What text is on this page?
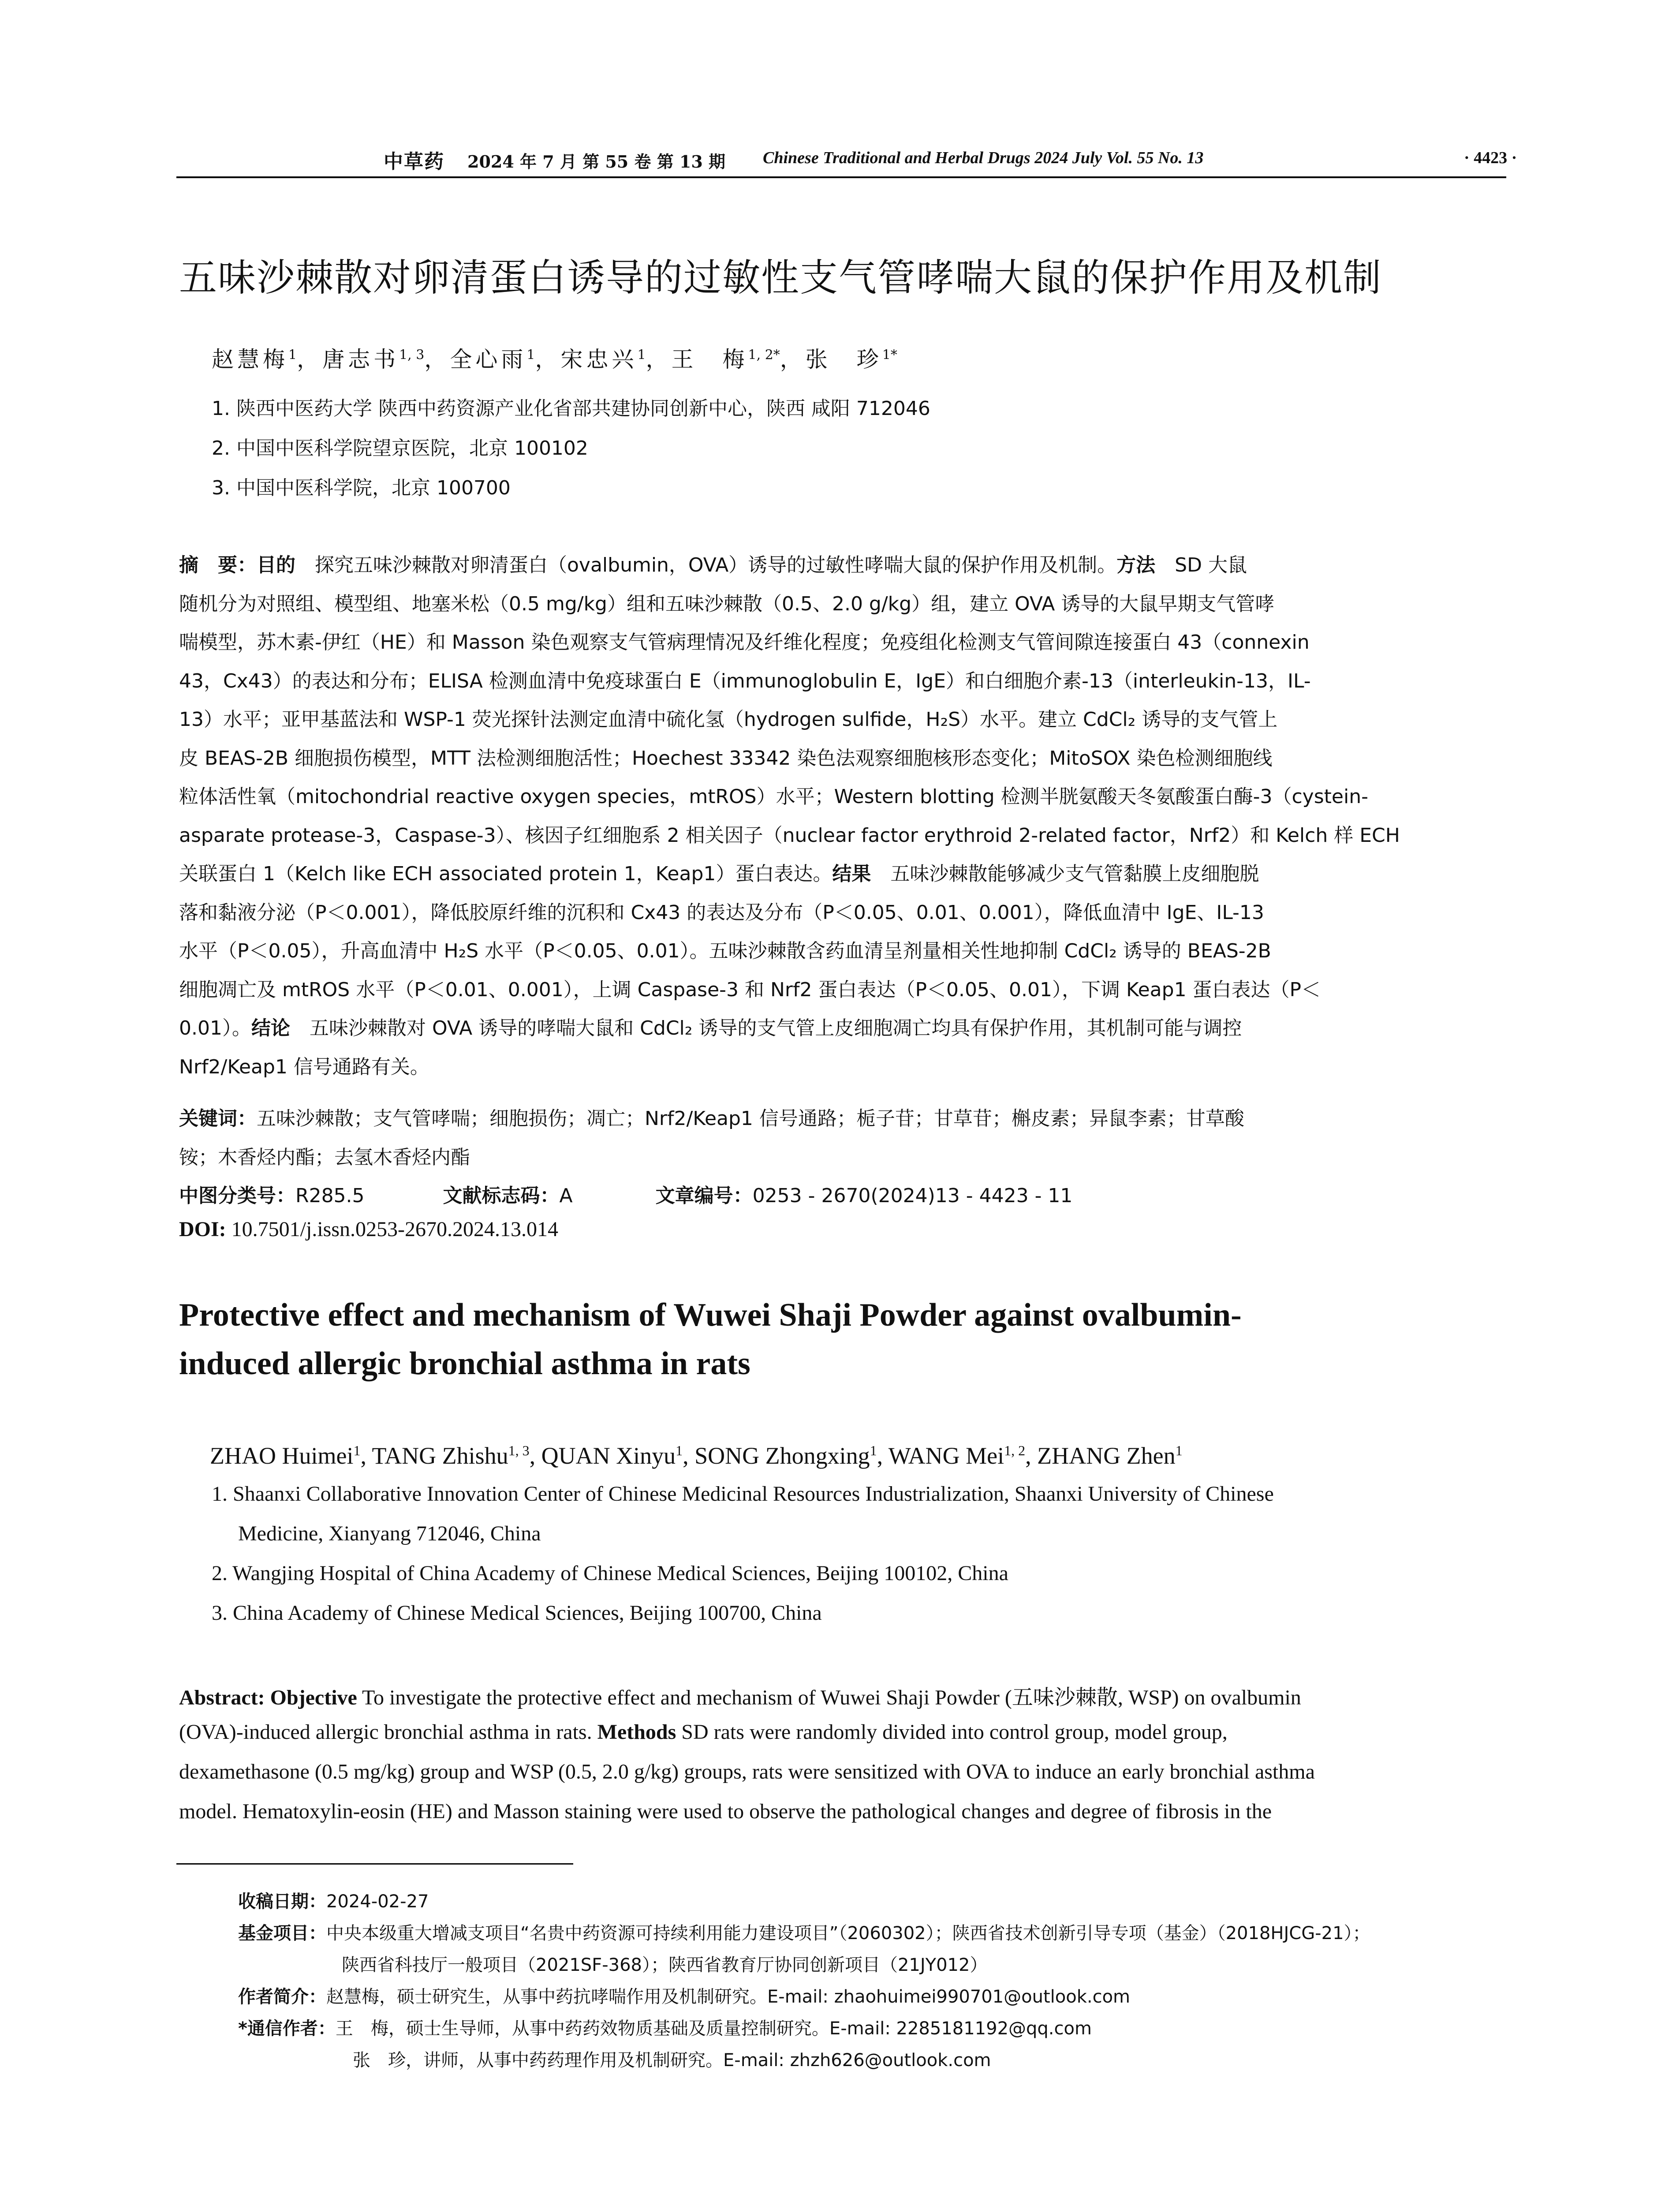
中草药 2024 年 7 月 第 55 卷 第 13 期 Chinese Traditional and Herbal Drugs 2024 July Vol. 55 No. 13	· 4423 ·
五味沙棘散对卵清蛋白诱导的过敏性支气管哮喘大鼠的保护作用及机制
赵慧梅$^1$，唐志书$^{1, 3}$，全心雨$^1$，宋忠兴$^1$，王　梅$^{1, 2*}$，张　珍$^{1*}$
1. 陕西中医药大学 陕西中药资源产业化省部共建协同创新中心，陕西 咸阳 712046
2. 中国中医科学院望京医院，北京 100102
3. 中国中医科学院，北京 100700
摘　要：目的　探究五味沙棘散对卵清蛋白（ovalbumin，OVA）诱导的过敏性哮喘大鼠的保护作用及机制。方法　SD 大鼠
随机分为对照组、模型组、地塞米松（0.5 mg/kg）组和五味沙棘散（0.5、2.0 g/kg）组，建立 OVA 诱导的大鼠早期支气管哮
喘模型，苏木素-伊红（HE）和 Masson 染色观察支气管病理情况及纤维化程度；免疫组化检测支气管间隙连接蛋白 43（connexin
43，Cx43）的表达和分布；ELISA 检测血清中免疫球蛋白 E（immunoglobulin E，IgE）和白细胞介素-13（interleukin-13，IL-
13）水平；亚甲基蓝法和 WSP-1 荧光探针法测定血清中硫化氢（hydrogen sulfide，H₂S）水平。建立 CdCl₂ 诱导的支气管上
皮 BEAS-2B 细胞损伤模型，MTT 法检测细胞活性；Hoechest 33342 染色法观察细胞核形态变化；MitoSOX 染色检测细胞线
粒体活性氧（mitochondrial reactive oxygen species，mtROS）水平；Western blotting 检测半胱氨酸天冬氨酸蛋白酶-3（cystein-
asparate protease-3，Caspase-3）、核因子红细胞系 2 相关因子（nuclear factor erythroid 2-related factor，Nrf2）和 Kelch 样 ECH
关联蛋白 1（Kelch like ECH associated protein 1，Keap1）蛋白表达。结果　五味沙棘散能够减少支气管黏膜上皮细胞脱
落和黏液分泌（P＜0.001），降低胶原纤维的沉积和 Cx43 的表达及分布（P＜0.05、0.01、0.001），降低血清中 IgE、IL-13
水平（P＜0.05），升高血清中 H₂S 水平（P＜0.05、0.01）。五味沙棘散含药血清呈剂量相关性地抑制 CdCl₂ 诱导的 BEAS-2B
细胞凋亡及 mtROS 水平（P＜0.01、0.001），上调 Caspase-3 和 Nrf2 蛋白表达（P＜0.05、0.01），下调 Keap1 蛋白表达（P＜
0.01）。结论　五味沙棘散对 OVA 诱导的哮喘大鼠和 CdCl₂ 诱导的支气管上皮细胞凋亡均具有保护作用，其机制可能与调控
Nrf2/Keap1 信号通路有关。
关键词：五味沙棘散；支气管哮喘；细胞损伤；凋亡；Nrf2/Keap1 信号通路；栀子苷；甘草苷；槲皮素；异鼠李素；甘草酸
铵；木香烃内酯；去氢木香烃内酯
中图分类号：R285.5	文献标志码：A	文章编号：0253 - 2670(2024)13 - 4423 - 11
DOI: 10.7501/j.issn.0253-2670.2024.13.014
Protective effect and mechanism of Wuwei Shaji Powder against ovalbumin-
induced allergic bronchial asthma in rats
ZHAO Huimei$^1$, TANG Zhishu$^{1, 3}$, QUAN Xinyu$^1$, SONG Zhongxing$^1$, WANG Mei$^{1, 2}$, ZHANG Zhen$^1$
1. Shaanxi Collaborative Innovation Center of Chinese Medicinal Resources Industrialization, Shaanxi University of Chinese
Medicine, Xianyang 712046, China
2. Wangjing Hospital of China Academy of Chinese Medical Sciences, Beijing 100102, China
3. China Academy of Chinese Medical Sciences, Beijing 100700, China
Abstract: Objective To investigate the protective effect and mechanism of Wuwei Shaji Powder (五味沙棘散, WSP) on ovalbumin
(OVA)-induced allergic bronchial asthma in rats. Methods SD rats were randomly divided into control group, model group,
dexamethasone (0.5 mg/kg) group and WSP (0.5, 2.0 g/kg) groups, rats were sensitized with OVA to induce an early bronchial asthma
model. Hematoxylin-eosin (HE) and Masson staining were used to observe the pathological changes and degree of fibrosis in the
收稿日期：2024-02-27
基金项目：中央本级重大增减支项目“名贵中药资源可持续利用能力建设项目”（2060302）；陕西省技术创新引导专项（基金）（2018HJCG-21）；
陕西省科技厅一般项目（2021SF-368）；陕西省教育厅协同创新项目（21JY012）
作者简介：赵慧梅，硕士研究生，从事中药抗哮喘作用及机制研究。E-mail: zhaohuimei990701@outlook.com
*通信作者：王　梅，硕士生导师，从事中药药效物质基础及质量控制研究。E-mail: 2285181192@qq.com
张　珍，讲师，从事中药药理作用及机制研究。E-mail: zhzh626@outlook.com
